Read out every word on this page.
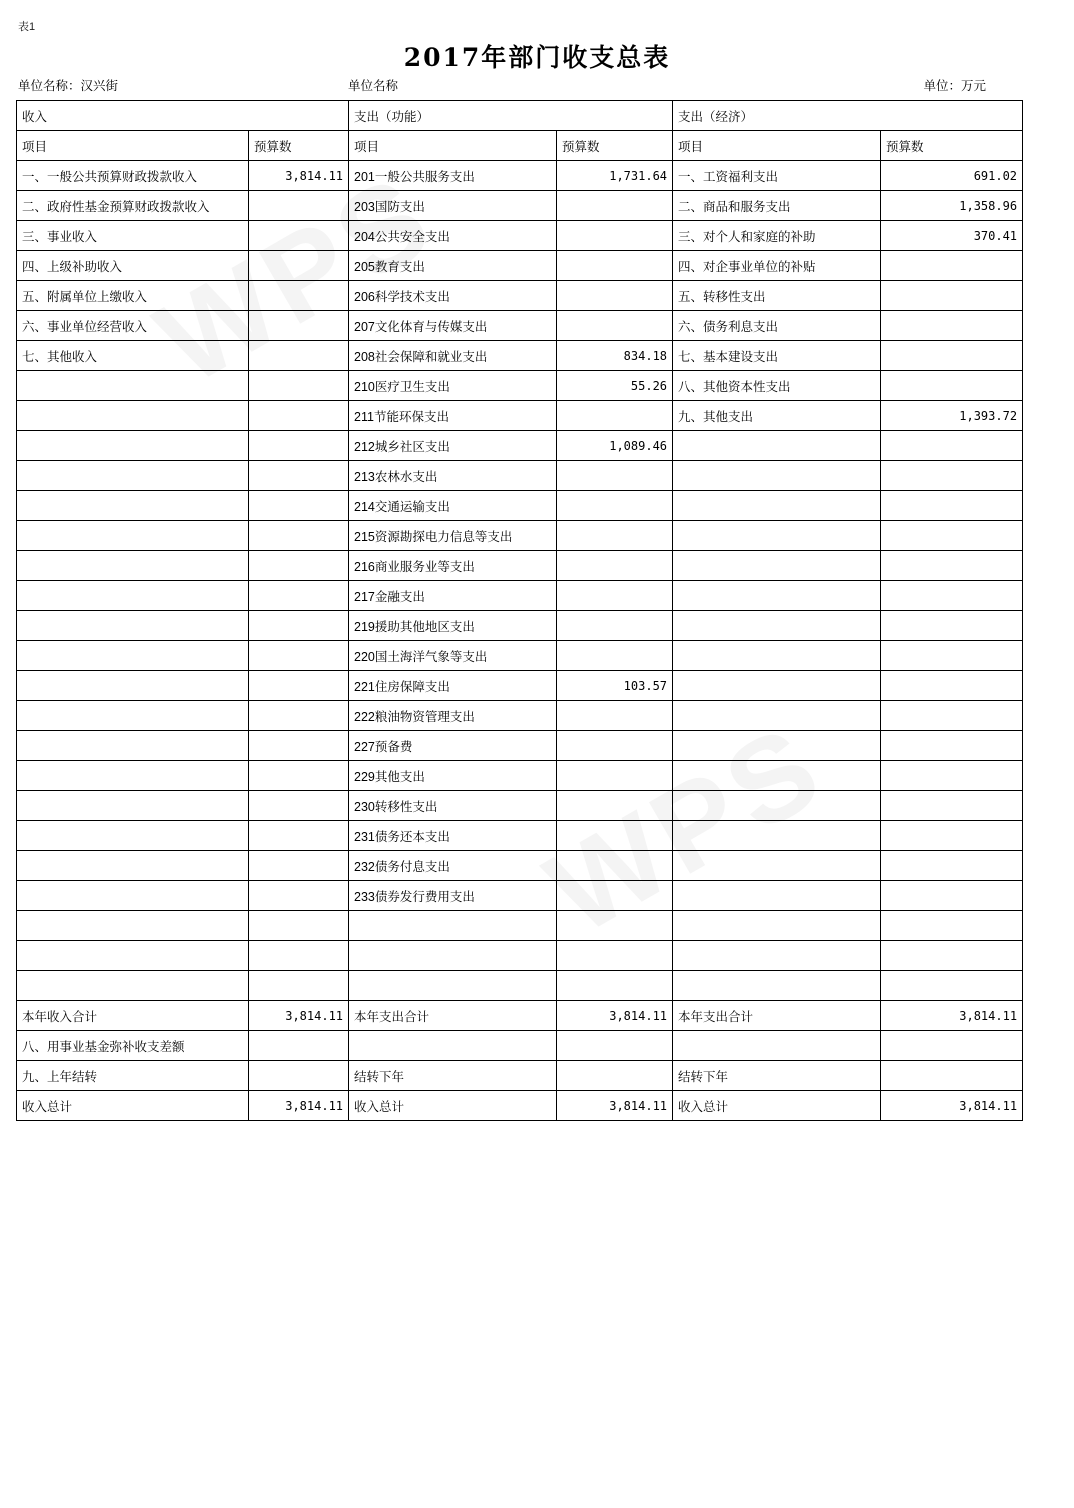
表1
2017年部门收支总表
单位名称：汉兴街	单位名称	单位：万元
收入		支出（功能）		支出（经济）	
项目	预算数	项目	预算数	项目	预算数
一、一般公共预算财政拨款收入	3,814.11	201一般公共服务支出	1,731.64	一、工资福利支出	691.02
二、政府性基金预算财政拨款收入		203国防支出		二、商品和服务支出	1,358.96
三、事业收入		204公共安全支出		三、对个人和家庭的补助	370.41
四、上级补助收入		205教育支出		四、对企事业单位的补贴	
五、附属单位上缴收入		206科学技术支出		五、转移性支出	
六、事业单位经营收入		207文化体育与传媒支出		六、债务利息支出	
七、其他收入		208社会保障和就业支出	834.18	七、基本建设支出	
		210医疗卫生支出	55.26	八、其他资本性支出	
		211节能环保支出		九、其他支出	1,393.72
		212城乡社区支出	1,089.46		
		213农林水支出			
		214交通运输支出			
		215资源勘探电力信息等支出			
		216商业服务业等支出			
		217金融支出			
		219援助其他地区支出			
		220国土海洋气象等支出			
		221住房保障支出	103.57		
		222粮油物资管理支出			
		227预备费			
		229其他支出			
		230转移性支出			
		231债务还本支出			
		232债务付息支出			
		233债券发行费用支出			

本年收入合计	3,814.11	本年支出合计	3,814.11	本年支出合计	3,814.11
八、用事业基金弥补收支差额					
九、上年结转		结转下年		结转下年	
收入总计	3,814.11	收入总计	3,814.11	收入总计	3,814.11
